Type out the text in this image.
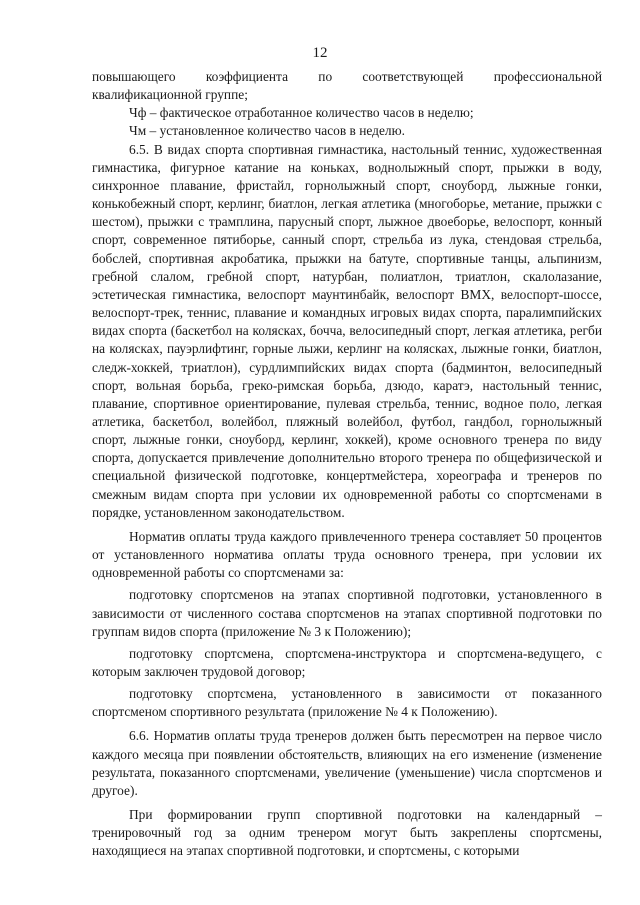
12

повышающего коэффициента по соответствующей профессиональной квалификационной группе;

Чф – фактическое отработанное количество часов в неделю;

Чм – установленное количество часов в неделю.

6.5. В видах спорта спортивная гимнастика, настольный теннис, художественная гимнастика, фигурное катание на коньках, воднолыжный спорт, прыжки в воду, синхронное плавание, фристайл, горнолыжный спорт, сноуборд, лыжные гонки, конькобежный спорт, керлинг, биатлон, легкая атлетика (многоборье, метание, прыжки с шестом), прыжки с трамплина, парусный спорт, лыжное двоеборье, велоспорт, конный спорт, современное пятиборье, санный спорт, стрельба из лука, стендовая стрельба, бобслей, спортивная акробатика, прыжки на батуте, спортивные танцы, альпинизм, гребной слалом, гребной спорт, натурбан, полиатлон, триатлон, скалолазание, эстетическая гимнастика, велоспорт маунтинбайк, велоспорт BMX, велоспорт-шоссе, велоспорт-трек, теннис, плавание и командных игровых видах спорта, паралимпийских видах спорта (баскетбол на колясках, бочча, велосипедный спорт, легкая атлетика, регби на колясках, пауэрлифтинг, горные лыжи, керлинг на колясках, лыжные гонки, биатлон, следж-хоккей, триатлон), сурдлимпийских видах спорта (бадминтон, велосипедный спорт, вольная борьба, греко-римская борьба, дзюдо, каратэ, настольный теннис, плавание, спортивное ориентирование, пулевая стрельба, теннис, водное поло, легкая атлетика, баскетбол, волейбол, пляжный волейбол, футбол, гандбол, горнолыжный спорт, лыжные гонки, сноуборд, керлинг, хоккей), кроме основного тренера по виду спорта, допускается привлечение дополнительно второго тренера по общефизической и специальной физической подготовке, концертмейстера, хореографа и тренеров по смежным видам спорта при условии их одновременной работы со спортсменами в порядке, установленном законодательством.

Норматив оплаты труда каждого привлеченного тренера составляет 50 процентов от установленного норматива оплаты труда основного тренера, при условии их одновременной работы со спортсменами за:

подготовку спортсменов на этапах спортивной подготовки, установленного в зависимости от численного состава спортсменов на этапах спортивной подготовки по группам видов спорта (приложение № 3 к Положению);

подготовку спортсмена, спортсмена-инструктора и спортсмена-ведущего, с которым заключен трудовой договор;

подготовку спортсмена, установленного в зависимости от показанного спортсменом спортивного результата (приложение № 4 к Положению).

6.6. Норматив оплаты труда тренеров должен быть пересмотрен на первое число каждого месяца при появлении обстоятельств, влияющих на его изменение (изменение результата, показанного спортсменами, увеличение (уменьшение) числа спортсменов и другое).

При формировании групп спортивной подготовки на календарный – тренировочный год за одним тренером могут быть закреплены спортсмены, находящиеся на этапах спортивной подготовки, и спортсмены, с которыми
